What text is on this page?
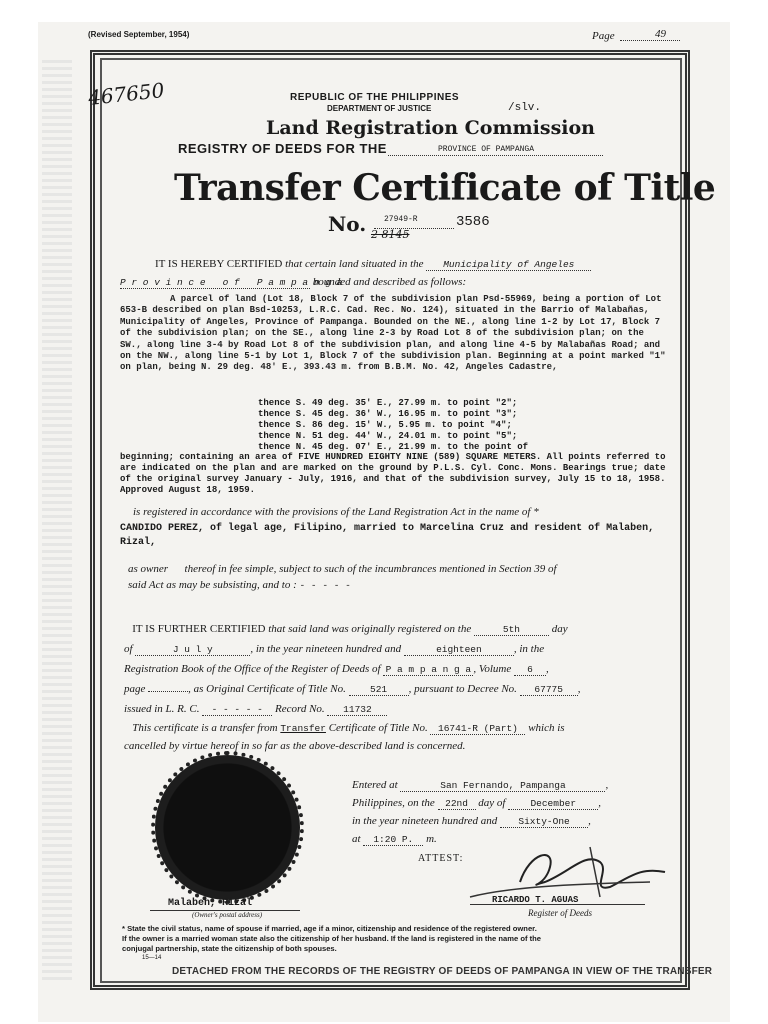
(Revised September, 1954)	Page	49
467650	REPUBLIC OF THE PHILIPPINES
DEPARTMENT OF JUSTICE	/slv.
Land Registration Commission
REGISTRY OF DEEDS FOR THE	PROVINCE OF PAMPANGA
Transfer Certificate of Title
No. 27949-R	3586
2 8145
IT IS HEREBY CERTIFIED that certain land situated in the Municipality of Angeles
P r o v i n c e   o f   P a m p a n g a bounded and described as follows:

A parcel of land (Lot 18, Block 7 of the subdivision plan Psd-55969, being a portion of Lot 653-B described on plan Bsd-10253, L.R.C. Cad. Rec. No. 124), situated in the Barrio of Malabañas, Municipality of Angeles, Province of Pampanga. Bounded on the NE., along line 1-2 by Lot 17, Block 7 of the subdivision plan; on the SE., along line 2-3 by Road Lot 8 of the subdivision plan; on the SW., along line 3-4 by Road Lot 8 of the subdivision plan, and along line 4-5 by Malabañas Road; and on the NW., along line 5-1 by Lot 1, Block 7 of the subdivision plan. Beginning at a point marked "1" on plan, being N. 29 deg. 48' E., 393.43 m. from B.B.M. No. 42, Angeles Cadastre,

thence S. 49 deg. 35' E., 27.99 m. to point "2";
thence S. 45 deg. 36' W., 16.95 m. to point "3";
thence S. 86 deg. 15' W., 5.95 m. to point "4";
thence N. 51 deg. 44' W., 24.01 m. to point "5";
thence N. 45 deg. 07' E., 21.99 m. to the point of

beginning; containing an area of FIVE HUNDRED EIGHTY NINE (589) SQUARE METERS. All points referred to are indicated on the plan and are marked on the ground by P.L.S. Cyl. Conc. Mons. Bearings true; date of the original survey January - July, 1916, and that of the subdivision survey, July 15 to 18, 1958. Approved August 18, 1959.

is registered in accordance with the provisions of the Land Registration Act in the name of *
CANDIDO PEREZ, of legal age, Filipino, married to Marcelina Cruz and resident of Malaben, Rizal,
as owner      thereof in fee simple, subject to such of the incumbrances mentioned in Section 39 of
said Act as may be subsisting, and to : - - - - -
IT IS FURTHER CERTIFIED that said land was originally registered on the	5th	day
of	J u l y	, in the year nineteen hundred and	eighteen	, in the
Registration Book of the Office of the Register of Deeds of P a m p a n g a , Volume 6 ,
page	, as Original Certificate of Title No.	521 , pursuant to Decree No. 67775 ,
issued in L. R. C. - - - - - Record No. 11732
This certificate is a transfer from Transfer Certificate of Title No. 16741-R (Part) which is
cancelled by virtue hereof in so far as the above-described land is concerned.
Entered at	San Fernando, Pampanga	,
Philippines, on the 22nd day of	December ,
in the year nineteen hundred and Sixty-One ,
at 1:20 P. m.
ATTEST:
RICARDO T. AGUAS
Register of Deeds
Malaben, Rizal
(Owner's postal address)
* State the civil status, name of spouse if married, age if a minor, citizenship and residence of the registered owner.
If the owner is a married woman state also the citizenship of her husband. If the land is registered in the name of the
conjugal partnership, state the citizenship of both spouses.
15—14
DETACHED FROM THE RECORDS OF THE REGISTRY OF DEEDS OF PAMPANGA IN VIEW OF THE TRANSFER
